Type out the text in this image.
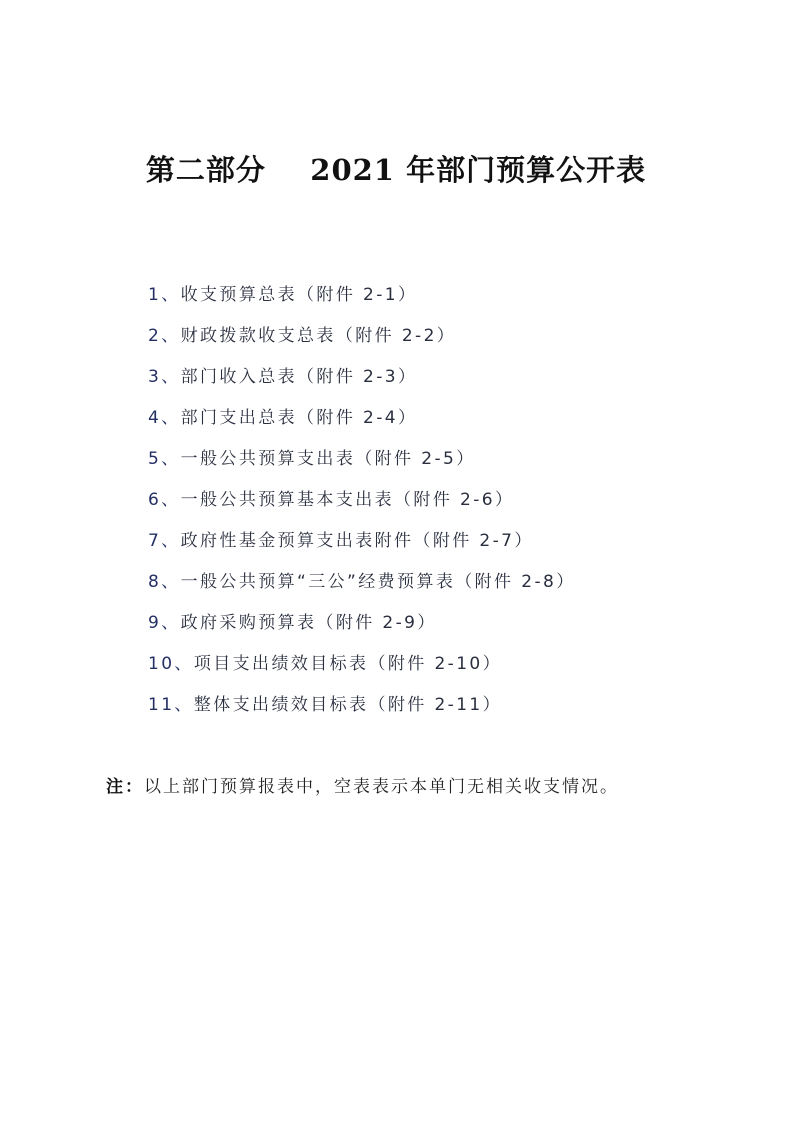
第二部分    2021 年部门预算公开表
1、收支预算总表（附件 2-1）
2、财政拨款收支总表（附件 2-2）
3、部门收入总表（附件 2-3）
4、部门支出总表（附件 2-4）
5、一般公共预算支出表（附件 2-5）
6、一般公共预算基本支出表（附件 2-6）
7、政府性基金预算支出表附件（附件 2-7）
8、一般公共预算“三公”经费预算表（附件 2-8）
9、政府采购预算表（附件 2-9）
10、项目支出绩效目标表（附件 2-10）
11、整体支出绩效目标表（附件 2-11）
注：以上部门预算报表中，空表表示本单门无相关收支情况。
